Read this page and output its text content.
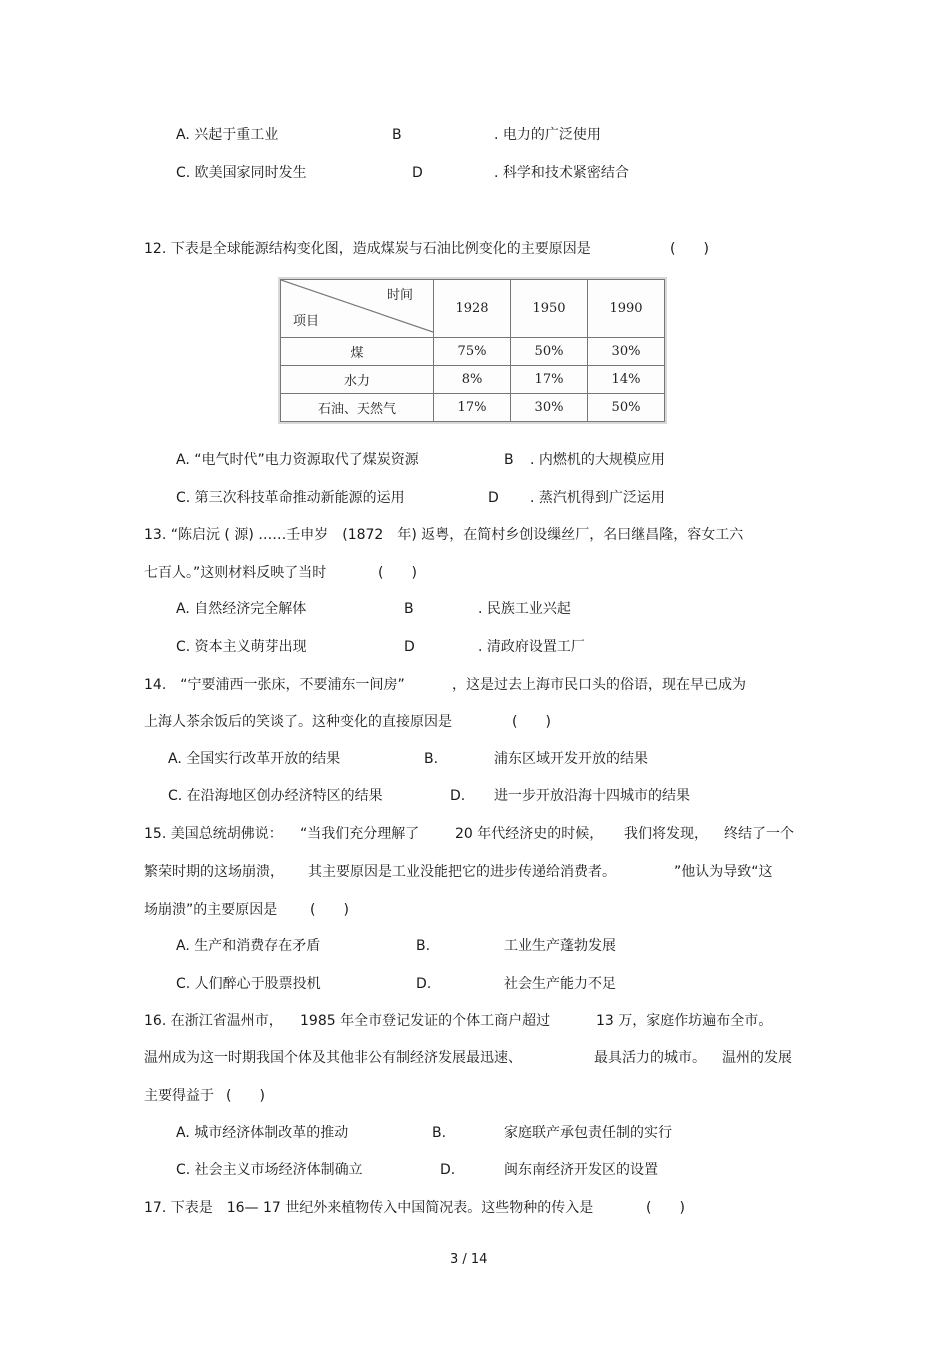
A. 兴起于重工业	B	. 电力的广泛使用
C. 欧美国家同时发生	D	. 科学和技术紧密结合
12. 下表是全球能源结构变化图，造成煤炭与石油比例变化的主要原因是	(　　)
时间
项目	1928	1950	1990
煤	75%	50%	30%
水力	8%	17%	14%
石油、天然气	17%	30%	50%
A. “电气时代”电力资源取代了煤炭资源	B . 内燃机的大规模应用
C. 第三次科技革命推动新能源的运用	D . 蒸汽机得到广泛运用
13. “陈启沅 ( 源) ……壬申岁　(1872　年) 返粤，在简村乡创设缫丝厂，名曰继昌隆，容女工六
七百人。”这则材料反映了当时	(　　)
A. 自然经济完全解体	B	. 民族工业兴起
C. 资本主义萌芽出现	D	. 清政府设置工厂
14.　“宁要浦西一张床，不要浦东一间房”	，这是过去上海市民口头的俗语，现在早已成为
上海人茶余饭后的笑谈了。这种变化的直接原因是	(　　)
A. 全国实行改革开放的结果	B.	浦东区域开发开放的结果
C. 在沿海地区创办经济特区的结果	D. 进一步开放沿海十四城市的结果
15. 美国总统胡佛说： “当我们充分理解了	20 年代经济史的时候， 我们将发现， 终结了一个
繁荣时期的这场崩溃， 其主要原因是工业没能把它的进步传递给消费者。	”他认为导致“这
场崩溃”的主要原因是 (　　)
A. 生产和消费存在矛盾	B.	工业生产蓬勃发展
C. 人们醉心于股票投机	D.	社会生产能力不足
16. 在浙江省温州市， 1985 年全市登记发证的个体工商户超过	13 万，家庭作坊遍布全市。
温州成为这一时期我国个体及其他非公有制经济发展最迅速、	最具活力的城市。 温州的发展
主要得益于 (　　)
A. 城市经济体制改革的推动	B.	家庭联产承包责任制的实行
C. 社会主义市场经济体制确立	D.	闽东南经济开发区的设置
17. 下表是　16— 17 世纪外来植物传入中国简况表。这些物种的传入是	(　　)
3 / 14
